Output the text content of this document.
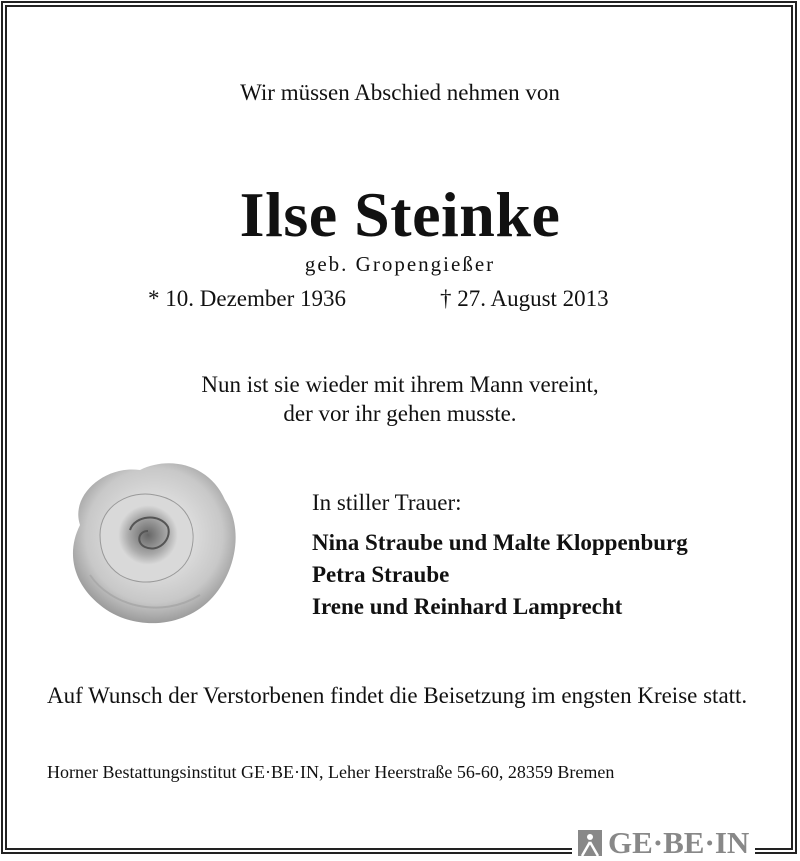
Wir müssen Abschied nehmen von
Ilse Steinke
geb. Gropengießer
* 10. Dezember 1936	† 27. August 2013
Nun ist sie wieder mit ihrem Mann vereint,
der vor ihr gehen musste.
In stiller Trauer:
Nina Straube und Malte Kloppenburg
Petra Straube
Irene und Reinhard Lamprecht
Auf Wunsch der Verstorbenen findet die Beisetzung im engsten Kreise statt.
Horner Bestattungsinstitut GE·BE·IN, Leher Heerstraße 56-60, 28359 Bremen
GE·BE·IN
